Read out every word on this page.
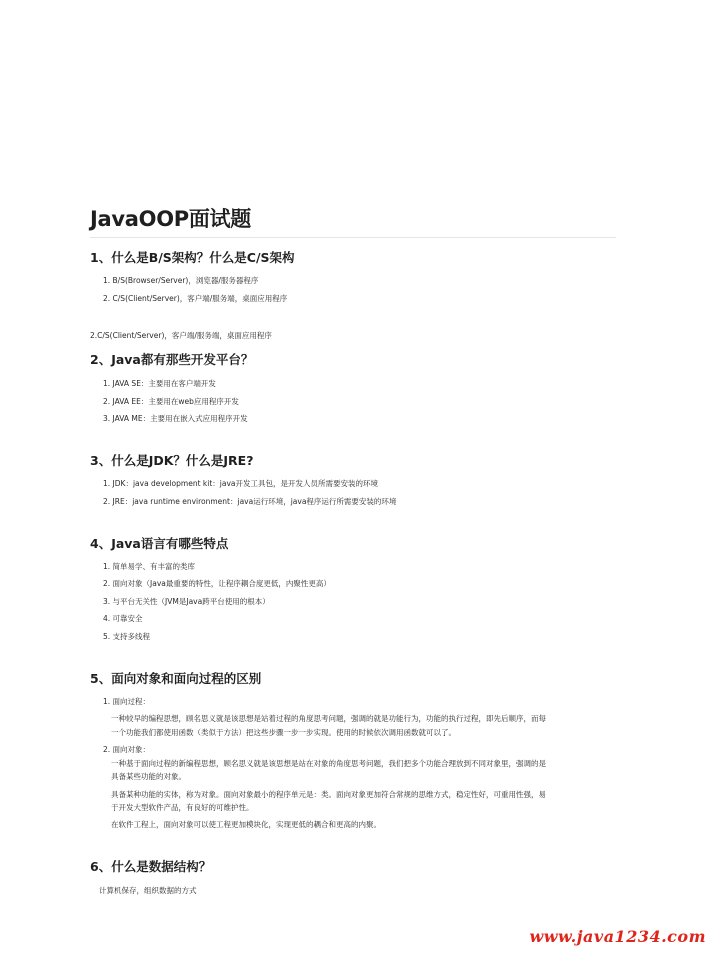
JavaOOP面试题
1、什么是B/S架构？什么是C/S架构
1. B/S(Browser/Server)，浏览器/服务器程序
2. C/S(Client/Server)，客户端/服务端，桌面应用程序
2.C/S(Client/Server)，客户端/服务端，桌面应用程序
2、Java都有那些开发平台？
1. JAVA SE：主要用在客户端开发
2. JAVA EE：主要用在web应用程序开发
3. JAVA ME：主要用在嵌入式应用程序开发
3、什么是JDK？什么是JRE?
1. JDK：java development kit：java开发工具包，是开发人员所需要安装的环境
2. JRE：java runtime environment：java运行环境，java程序运行所需要安装的环境
4、Java语言有哪些特点
1. 简单易学、有丰富的类库
2. 面向对象（Java最重要的特性，让程序耦合度更低，内聚性更高）
3. 与平台无关性（JVM是Java跨平台使用的根本）
4. 可靠安全
5. 支持多线程
5、面向对象和面向过程的区别
1. 面向过程：
一种较早的编程思想，顾名思义就是该思想是站着过程的角度思考问题，强调的就是功能行为，功能的执行过程，即先后顺序，而每
一个功能我们都使用函数（类似于方法）把这些步骤一步一步实现。使用的时候依次调用函数就可以了。
2. 面向对象：
一种基于面向过程的新编程思想，顾名思义就是该思想是站在对象的角度思考问题，我们把多个功能合理放到不同对象里，强调的是
具备某些功能的对象。
具备某种功能的实体，称为对象。面向对象最小的程序单元是：类。面向对象更加符合常规的思维方式，稳定性好，可重用性强，易
于开发大型软件产品，有良好的可维护性。
在软件工程上，面向对象可以使工程更加模块化，实现更低的耦合和更高的内聚。
6、什么是数据结构？
计算机保存，组织数据的方式
www.java1234.com
